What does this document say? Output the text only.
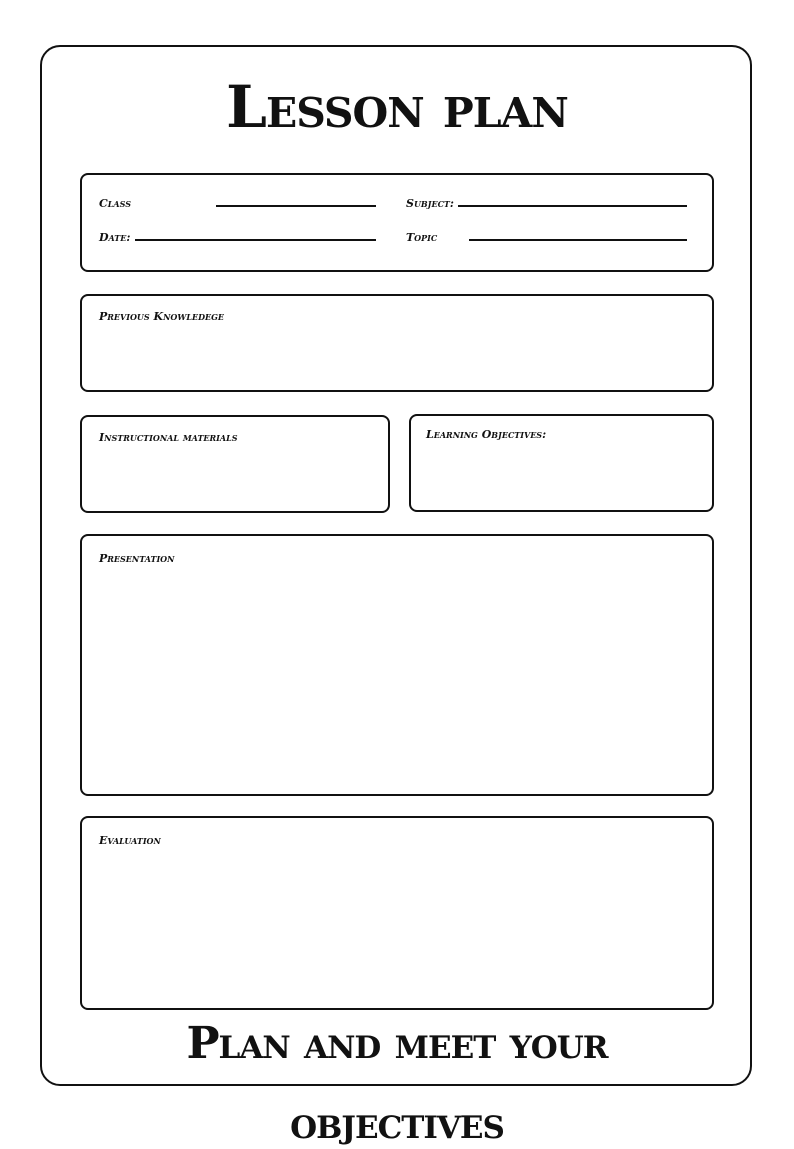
Lesson plan
Class	Subject:
Date:	Topic
Previous Knowledege
Instructional materials	Learning Objectives:
Presentation
Evaluation
Plan and meet your
objectives
